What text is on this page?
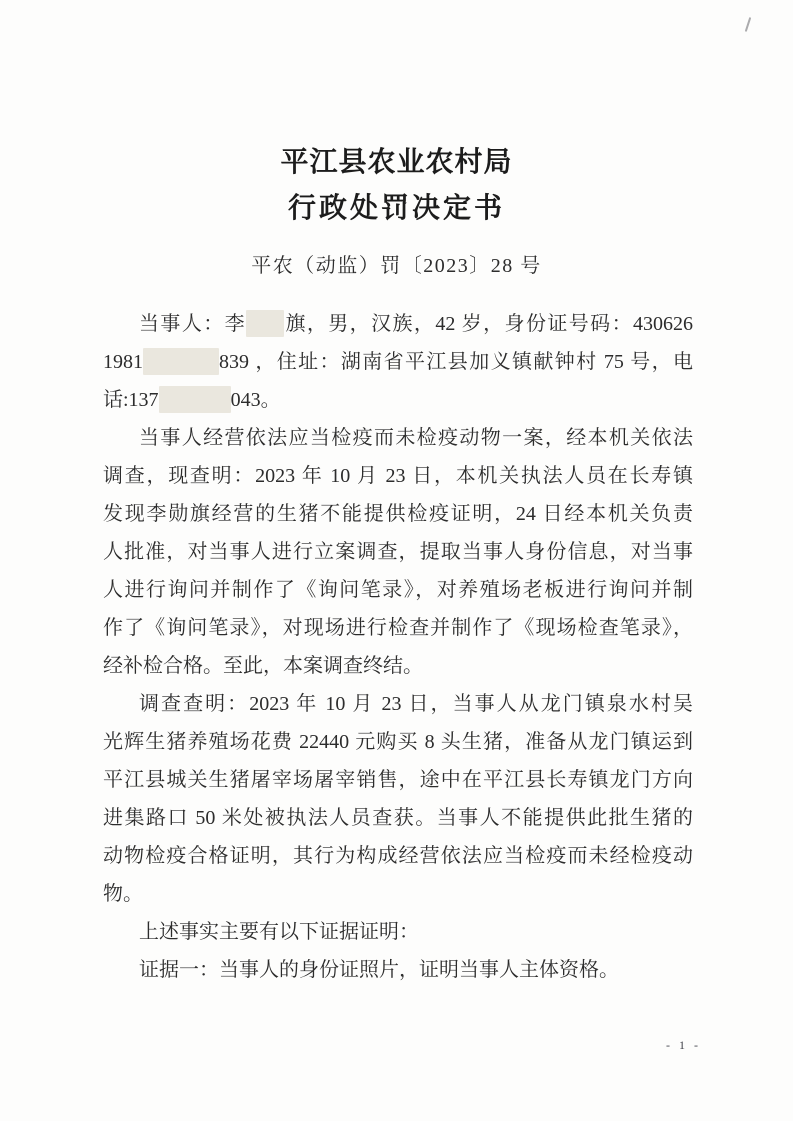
平江县农业农村局
行政处罚决定书
平农（动监）罚〔2023〕28 号
当事人：李 旗，男，汉族，42 岁，身份证号码：430626
1981	839 ，住址：湖南省平江县加义镇献钟村 75 号，电
话:137	043。
当事人经营依法应当检疫而未检疫动物一案，经本机关依法
调查，现查明：2023 年 10 月 23 日，本机关执法人员在长寿镇
发现李勋旗经营的生猪不能提供检疫证明，24 日经本机关负责
人批准，对当事人进行立案调查，提取当事人身份信息，对当事
人进行询问并制作了《询问笔录》，对养殖场老板进行询问并制
作了《询问笔录》，对现场进行检查并制作了《现场检查笔录》，
经补检合格。至此，本案调查终结。
调查查明：2023 年 10 月 23 日，当事人从龙门镇泉水村吴
光辉生猪养殖场花费 22440 元购买 8 头生猪，准备从龙门镇运到
平江县城关生猪屠宰场屠宰销售，途中在平江县长寿镇龙门方向
进集路口 50 米处被执法人员查获。当事人不能提供此批生猪的
动物检疫合格证明，其行为构成经营依法应当检疫而未经检疫动
物。
上述事实主要有以下证据证明：
证据一：当事人的身份证照片，证明当事人主体资格。
- 1 -
